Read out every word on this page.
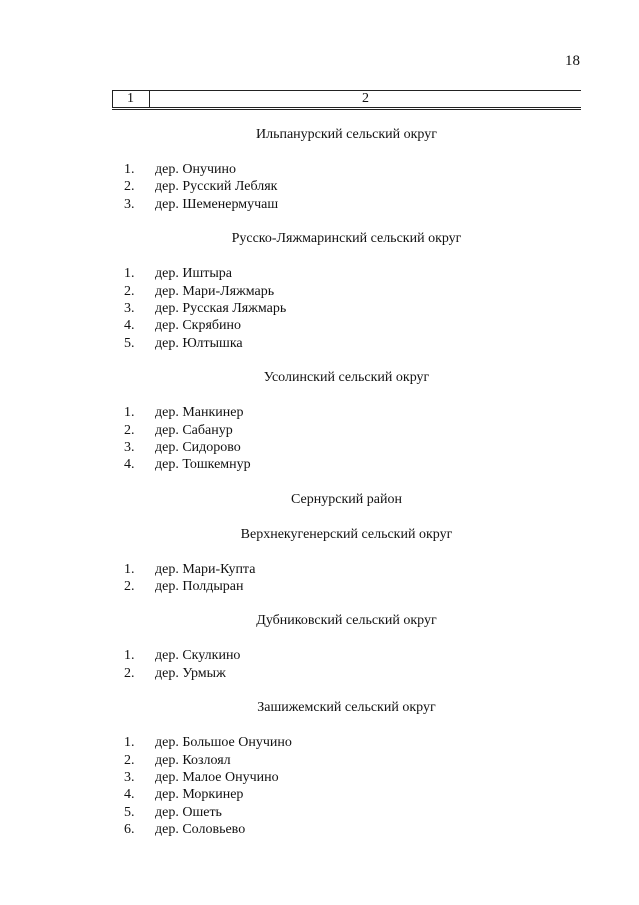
18
1	2
Ильпанурский сельский округ
1.	дер. Онучино
2.	дер. Русский Лебляк
3.	дер. Шеменермучаш
Русско-Ляжмаринский сельский округ
1.	дер. Иштыра
2.	дер. Мари-Ляжмарь
3.	дер. Русская Ляжмарь
4.	дер. Скрябино
5.	дер. Юлтышка
Усолинский сельский округ
1.	дер. Манкинер
2.	дер. Сабанур
3.	дер. Сидорово
4.	дер. Тошкемнур
Сернурский район
Верхнекугенерский сельский округ
1.	дер. Мари-Купта
2.	дер. Полдыран
Дубниковский сельский округ
1.	дер. Скулкино
2.	дер. Урмыж
Зашижемский сельский округ
1.	дер. Большое Онучино
2.	дер. Козлоял
3.	дер. Малое Онучино
4.	дер. Моркинер
5.	дер. Ошеть
6.	дер. Соловьево
